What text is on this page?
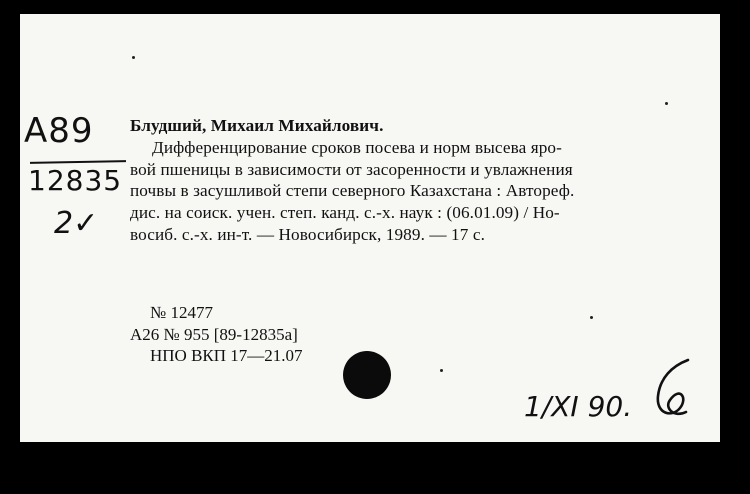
A89
12835
2✓
Блудший, Михаил Михайлович.
Дифференцирование сроков посева и норм высева яро-
вой пшеницы в зависимости от засоренности и увлажнения
почвы в засушливой степи северного Казахстана : Автореф.
дис. на соиск. учен. степ. канд. с.-х. наук : (06.01.09) / Но-
восиб. с.-х. ин-т. — Новосибирск, 1989. — 17 с.
№ 12477
А26 № 955 [89-12835а]
НПО ВКП 17—21.07
1/XI 90.
